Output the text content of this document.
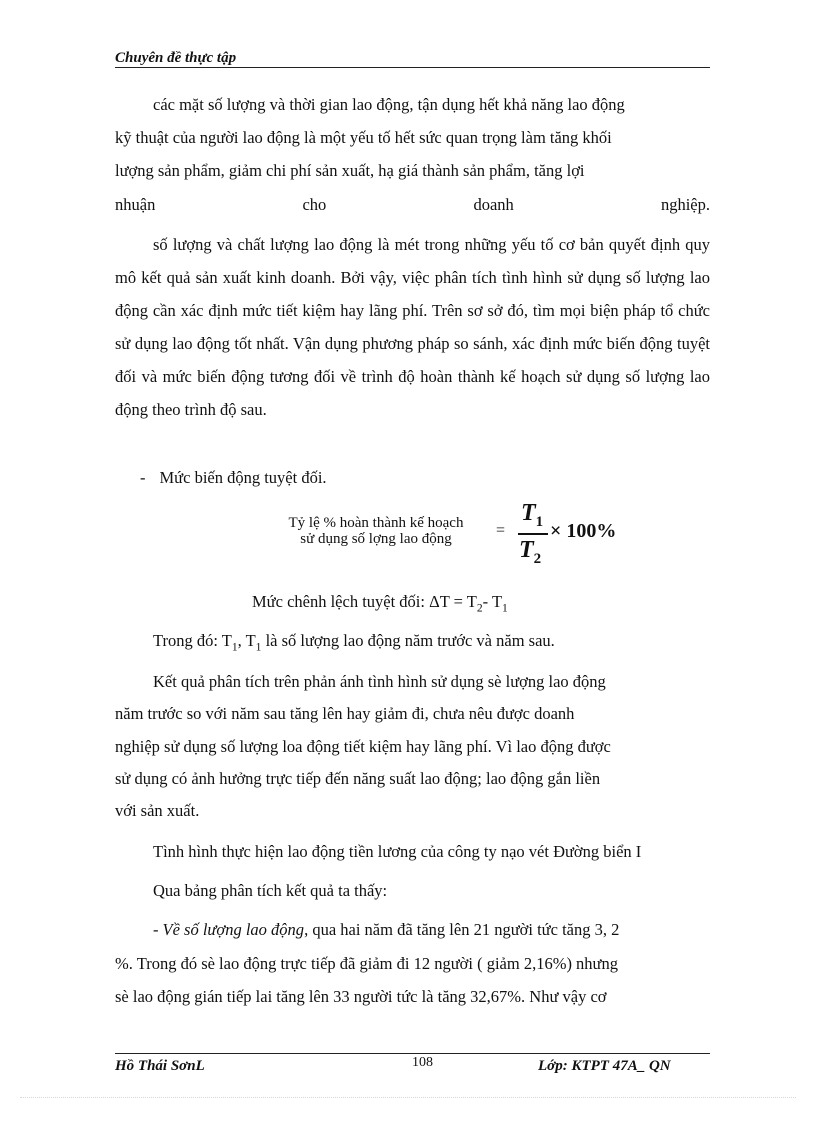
Chuyên đề thực tập

các mặt số lượng và thời gian lao động, tận dụng hết khả năng lao động

kỹ thuật của người lao động là một yếu tố hết sức quan trọng làm tăng khối

lượng sản phẩm, giảm chi phí sản xuất, hạ giá thành sản phẩm, tăng lợi

nhuận	cho	doanh	nghiệp.

số lượng và chất lượng lao động là mét trong những yếu tố cơ bản quyết định quy mô kết quả sản xuất kinh doanh. Bởi vậy, việc phân tích tình hình sử dụng số lượng lao động cần xác định mức tiết kiệm hay lãng phí. Trên sơ sở đó, tìm mọi biện pháp tổ chức sử dụng lao động tốt nhất. Vận dụng phương pháp so sánh, xác định mức biến động tuyệt đối và mức biến động tương đối về trình độ hoàn thành kế hoạch sử dụng số lượng lao động theo trình độ sau.

- Mức biến động tuyệt đối.
Tỷ lệ % hoàn thành kế hoạch
sử dụng số lợng lao động	=
$T_1$
$T_2$
× 100%
Mức chênh lệch tuyệt đối: $\Delta T = T_2-$ $T_1$
Trong đó: $T_1$, $T_1$ là số lượng lao động năm trước và năm sau.
Kết quả phân tích trên phản ánh tình hình sử dụng sè lượng lao động
năm trước so với năm sau tăng lên hay giảm đi, chưa nêu được doanh
nghiệp sử dụng số lượng loa động tiết kiệm hay lãng phí. Vì lao động được
sử dụng có ảnh hưởng trực tiếp đến năng suất lao động; lao động gắn liền
với sản xuất.
Tình hình thực hiện lao động tiền lương của công ty nạo vét Đường biển I
Qua bảng phân tích kết quả ta thấy:
- Về số lượng lao động, qua hai năm đã tăng lên 21 người tức tăng 3, 2
%. Trong đó sè lao động trực tiếp đã giảm đi 12 người ( giảm 2,16%) nhưng
sè lao động gián tiếp lai tăng lên 33 người tức là tăng 32,67%. Như vậy cơ
Hồ Thái SơnL	108	Lớp: KTPT 47A_ QN
